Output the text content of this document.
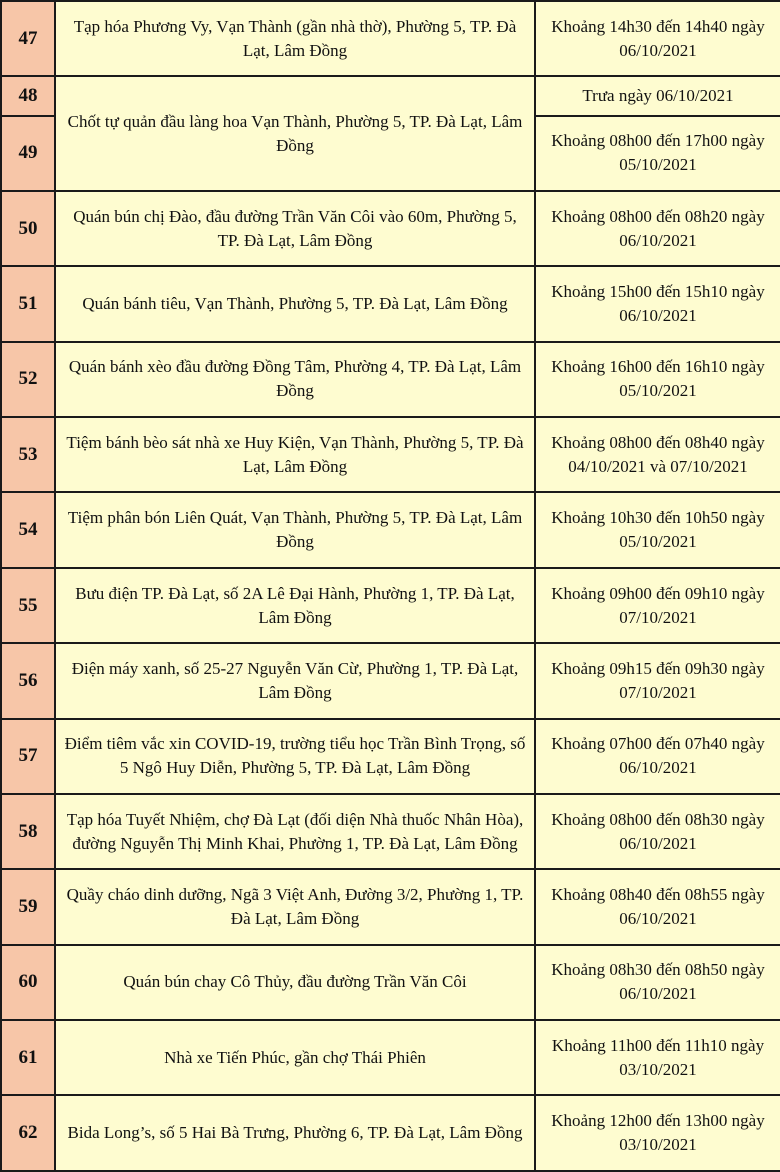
47	Tạp hóa Phương Vy, Vạn Thành (gần nhà thờ), Phường 5, TP. Đà Lạt, Lâm Đồng	Khoảng 14h30 đến 14h40 ngày 06/10/2021
48	Chốt tự quản đầu làng hoa Vạn Thành, Phường 5, TP. Đà Lạt, Lâm Đồng	Trưa ngày 06/10/2021
49		Khoảng 08h00 đến 17h00 ngày 05/10/2021
50	Quán bún chị Đào, đầu đường Trần Văn Côi vào 60m, Phường 5, TP. Đà Lạt, Lâm Đồng	Khoảng 08h00 đến 08h20 ngày 06/10/2021
51	Quán bánh tiêu, Vạn Thành, Phường 5, TP. Đà Lạt, Lâm Đồng	Khoảng 15h00 đến 15h10 ngày 06/10/2021
52	Quán bánh xèo đầu đường Đồng Tâm, Phường 4, TP. Đà Lạt, Lâm Đồng	Khoảng 16h00 đến 16h10 ngày 05/10/2021
53	Tiệm bánh bèo sát nhà xe Huy Kiện, Vạn Thành, Phường 5, TP. Đà Lạt, Lâm Đồng	Khoảng 08h00 đến 08h40 ngày 04/10/2021 và 07/10/2021
54	Tiệm phân bón Liên Quát, Vạn Thành, Phường 5, TP. Đà Lạt, Lâm Đồng	Khoảng 10h30 đến 10h50 ngày 05/10/2021
55	Bưu điện TP. Đà Lạt, số 2A Lê Đại Hành, Phường 1, TP. Đà Lạt, Lâm Đồng	Khoảng 09h00 đến 09h10 ngày 07/10/2021
56	Điện máy xanh, số 25-27 Nguyễn Văn Cừ, Phường 1, TP. Đà Lạt, Lâm Đồng	Khoảng 09h15 đến 09h30 ngày 07/10/2021
57	Điểm tiêm vắc xin COVID-19, trường tiểu học Trần Bình Trọng, số 5 Ngô Huy Diễn, Phường 5, TP. Đà Lạt, Lâm Đồng	Khoảng 07h00 đến 07h40 ngày 06/10/2021
58	Tạp hóa Tuyết Nhiệm, chợ Đà Lạt (đối diện Nhà thuốc Nhân Hòa), đường Nguyễn Thị Minh Khai, Phường 1, TP. Đà Lạt, Lâm Đồng	Khoảng 08h00 đến 08h30 ngày 06/10/2021
59	Quầy cháo dinh dưỡng, Ngã 3 Việt Anh, Đường 3/2, Phường 1, TP. Đà Lạt, Lâm Đồng	Khoảng 08h40 đến 08h55 ngày 06/10/2021
60	Quán bún chay Cô Thủy, đầu đường Trần Văn Côi	Khoảng 08h30 đến 08h50 ngày 06/10/2021
61	Nhà xe Tiến Phúc, gần chợ Thái Phiên	Khoảng 11h00 đến 11h10 ngày 03/10/2021
62	Bida Long’s, số 5 Hai Bà Trưng, Phường 6, TP. Đà Lạt, Lâm Đồng	Khoảng 12h00 đến 13h00 ngày 03/10/2021
